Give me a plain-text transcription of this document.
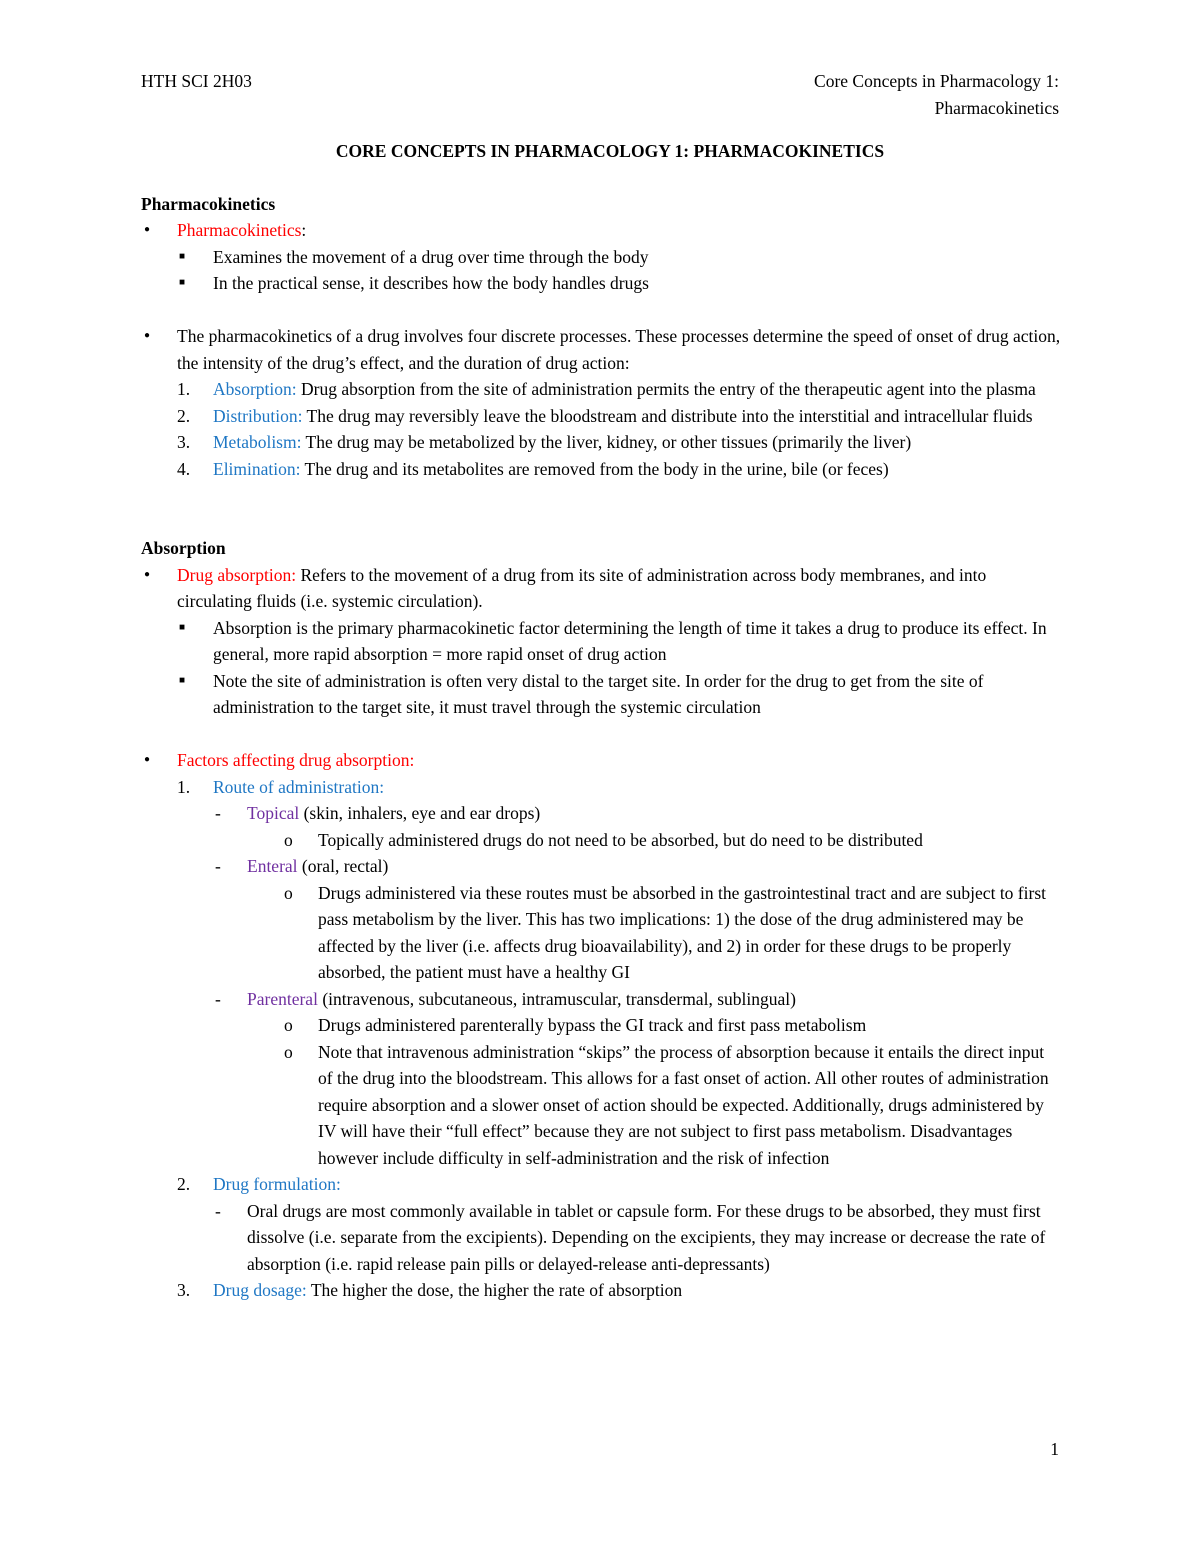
HTH SCI 2H03	Core Concepts in Pharmacology 1:
Pharmacokinetics
CORE CONCEPTS IN PHARMACOLOGY 1: PHARMACOKINETICS
Pharmacokinetics
● Pharmacokinetics:
■ Examines the movement of a drug over time through the body
■ In the practical sense, it describes how the body handles drugs
● The pharmacokinetics of a drug involves four discrete processes. These processes determine the speed of onset of drug action, the intensity of the drug’s effect, and the duration of drug action:
1. Absorption: Drug absorption from the site of administration permits the entry of the therapeutic agent into the plasma
2. Distribution: The drug may reversibly leave the bloodstream and distribute into the interstitial and intracellular fluids
3. Metabolism: The drug may be metabolized by the liver, kidney, or other tissues (primarily the liver)
4. Elimination: The drug and its metabolites are removed from the body in the urine, bile (or feces)
Absorption
● Drug absorption: Refers to the movement of a drug from its site of administration across body membranes, and into circulating fluids (i.e. systemic circulation).
■ Absorption is the primary pharmacokinetic factor determining the length of time it takes a drug to produce its effect. In general, more rapid absorption = more rapid onset of drug action
■ Note the site of administration is often very distal to the target site. In order for the drug to get from the site of administration to the target site, it must travel through the systemic circulation
● Factors affecting drug absorption:
1. Route of administration:
- Topical (skin, inhalers, eye and ear drops)
o Topically administered drugs do not need to be absorbed, but do need to be distributed
- Enteral (oral, rectal)
o Drugs administered via these routes must be absorbed in the gastrointestinal tract and are subject to first pass metabolism by the liver. This has two implications: 1) the dose of the drug administered may be affected by the liver (i.e. affects drug bioavailability), and 2) in order for these drugs to be properly absorbed, the patient must have a healthy GI
- Parenteral (intravenous, subcutaneous, intramuscular, transdermal, sublingual)
o Drugs administered parenterally bypass the GI track and first pass metabolism
o Note that intravenous administration “skips” the process of absorption because it entails the direct input of the drug into the bloodstream. This allows for a fast onset of action. All other routes of administration require absorption and a slower onset of action should be expected. Additionally, drugs administered by IV will have their “full effect” because they are not subject to first pass metabolism. Disadvantages however include difficulty in self-administration and the risk of infection
2. Drug formulation:
- Oral drugs are most commonly available in tablet or capsule form. For these drugs to be absorbed, they must first dissolve (i.e. separate from the excipients). Depending on the excipients, they may increase or decrease the rate of absorption (i.e. rapid release pain pills or delayed-release anti-depressants)
3. Drug dosage: The higher the dose, the higher the rate of absorption
1
